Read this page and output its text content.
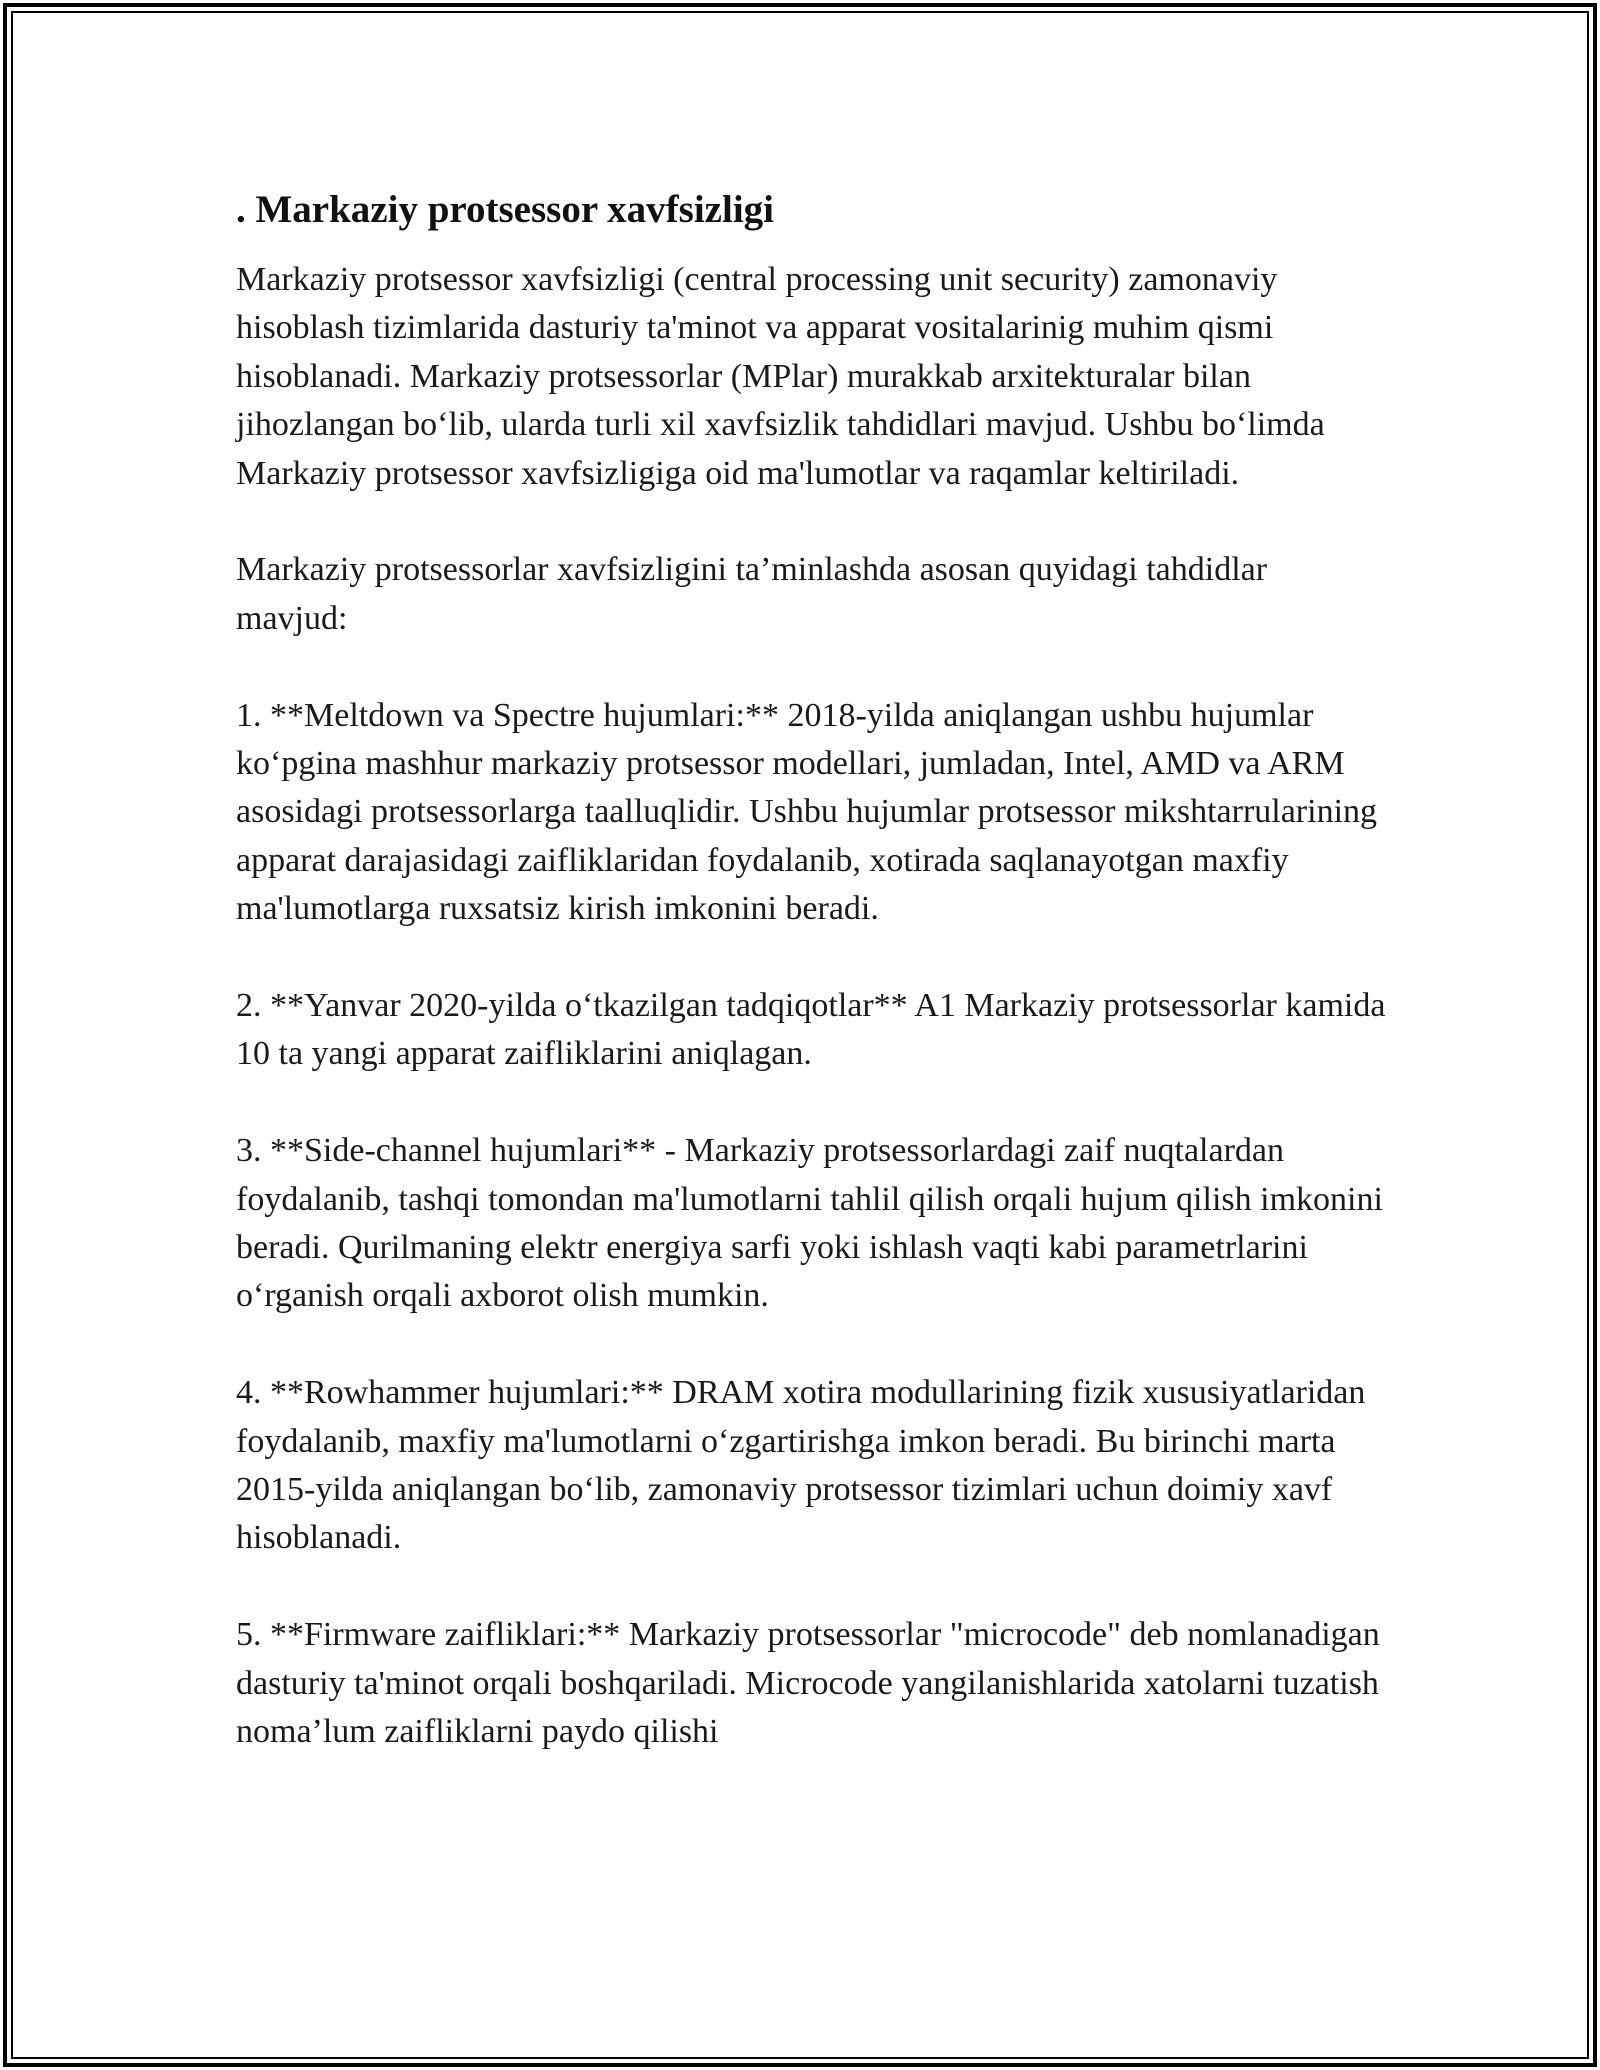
. Markaziy protsessor xavfsizligi

Markaziy protsessor xavfsizligi (central processing unit security) zamonaviy hisoblash tizimlarida dasturiy ta'minot va apparat vositalarinig muhim qismi hisoblanadi. Markaziy protsessorlar (MPlar) murakkab arxitekturalar bilan jihozlangan bo‘lib, ularda turli xil xavfsizlik tahdidlari mavjud. Ushbu bo‘limda Markaziy protsessor xavfsizligiga oid ma'lumotlar va raqamlar keltiriladi.

Markaziy protsessorlar xavfsizligini ta’minlashda asosan quyidagi tahdidlar mavjud:

1. **Meltdown va Spectre hujumlari:** 2018-yilda aniqlangan ushbu hujumlar ko‘pgina mashhur markaziy protsessor modellari, jumladan, Intel, AMD va ARM asosidagi protsessorlarga taalluqlidir. Ushbu hujumlar protsessor mikshtarrularining apparat darajasidagi zaifliklaridan foydalanib, xotirada saqlanayotgan maxfiy ma'lumotlarga ruxsatsiz kirish imkonini beradi.

2. **Yanvar 2020-yilda o‘tkazilgan tadqiqotlar** A1 Markaziy protsessorlar kamida 10 ta yangi apparat zaifliklarini aniqlagan.

3. **Side-channel hujumlari** - Markaziy protsessorlardagi zaif nuqtalardan foydalanib, tashqi tomondan ma'lumotlarni tahlil qilish orqali hujum qilish imkonini beradi. Qurilmaning elektr energiya sarfi yoki ishlash vaqti kabi parametrlarini o‘rganish orqali axborot olish mumkin.

4. **Rowhammer hujumlari:** DRAM xotira modullarining fizik xususiyatlaridan foydalanib, maxfiy ma'lumotlarni o‘zgartirishga imkon beradi. Bu birinchi marta 2015-yilda aniqlangan bo‘lib, zamonaviy protsessor tizimlari uchun doimiy xavf hisoblanadi.

5. **Firmware zaifliklari:** Markaziy protsessorlar "microcode" deb nomlanadigan dasturiy ta'minot orqali boshqariladi. Microcode yangilanishlarida xatolarni tuzatish noma’lum zaifliklarni paydo qilishi
